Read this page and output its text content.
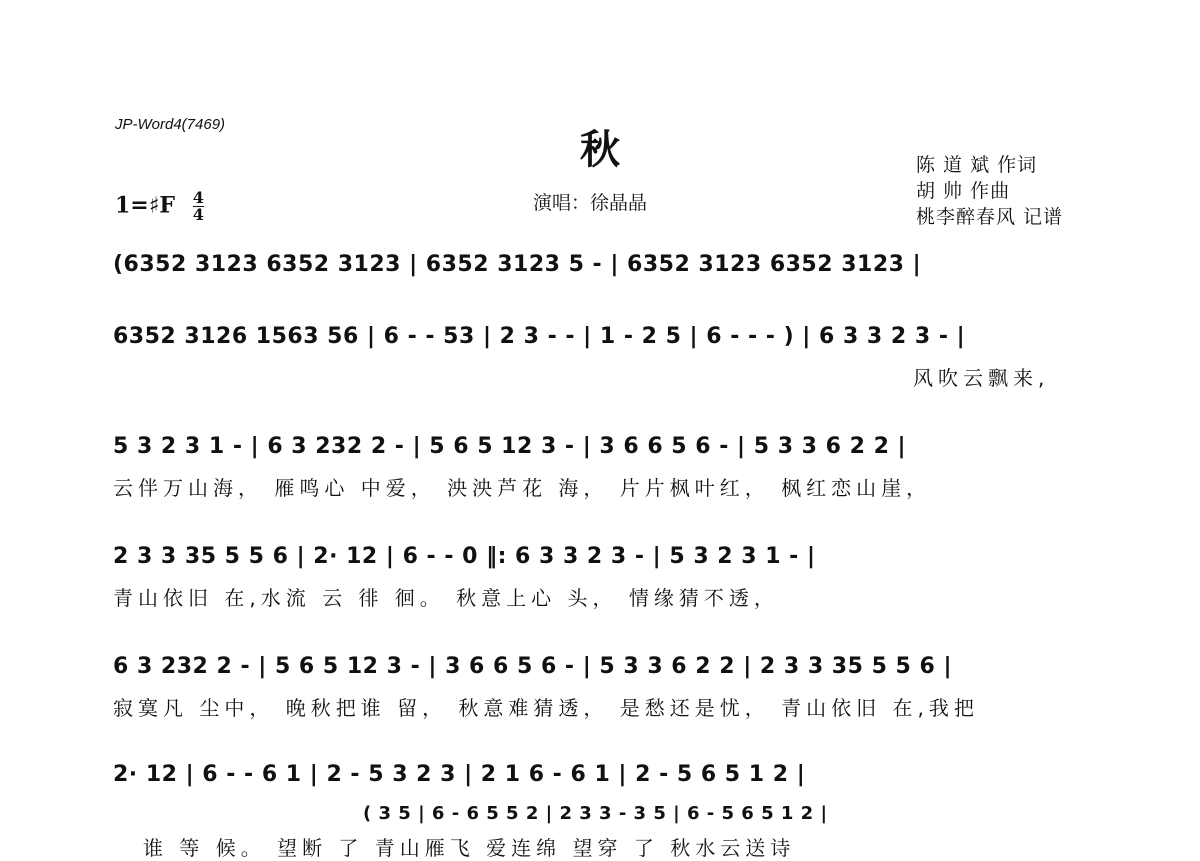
JP-Word4(7469)
秋
1=♯F $\frac{4}{4}$	演唱：徐晶晶
陈 道 斌 作词
胡 帅 作曲
桃李醉春风 记谱
(6352 3123 6352 3123 | 6352 3123 5 - | 6352 3123 6352 3123 |
6352 3126 1563 56 | 6 - - 53 | 2 3 - - | 1 - 2 5 | 6 - - - ) | 6 3 3 2 3 - |
风吹云飘来,
5 3 2 3 1 - | 6 3 232 2 - | 5 6 5 12 3 - | 3 6 6 5 6 - | 5 3 3 6 2 2 |
云伴万山海， 雁鸣心 中爱， 泱泱芦花 海， 片片枫叶红， 枫红恋山崖，
2 3 3 35 5 5 6 | 2· 12 | 6 - - 0 ‖: 6 3 3 2 3 - | 5 3 2 3 1 - |
青山依旧 在,水流 云 徘 徊。 秋意上心 头， 情缘猜不透，
6 3 232 2 - | 5 6 5 12 3 - | 3 6 6 5 6 - | 5 3 3 6 2 2 | 2 3 3 35 5 5 6 |
寂寞凡 尘中， 晚秋把谁 留， 秋意难猜透， 是愁还是忧， 青山依旧 在,我把
2· 12 | 6 - - 6 1 | 2 - 5 3 2 3 | 2 1 6 - 6 1 | 2 - 5 6 5 1 2 |
( 3 5 | 6 - 6 5 5 2 | 2 3 3 - 3 5 | 6 - 5 6 5 1 2 |
谁 等 候。 望断 了 青山雁飞 爱连绵 望穿 了 秋水云送诗
